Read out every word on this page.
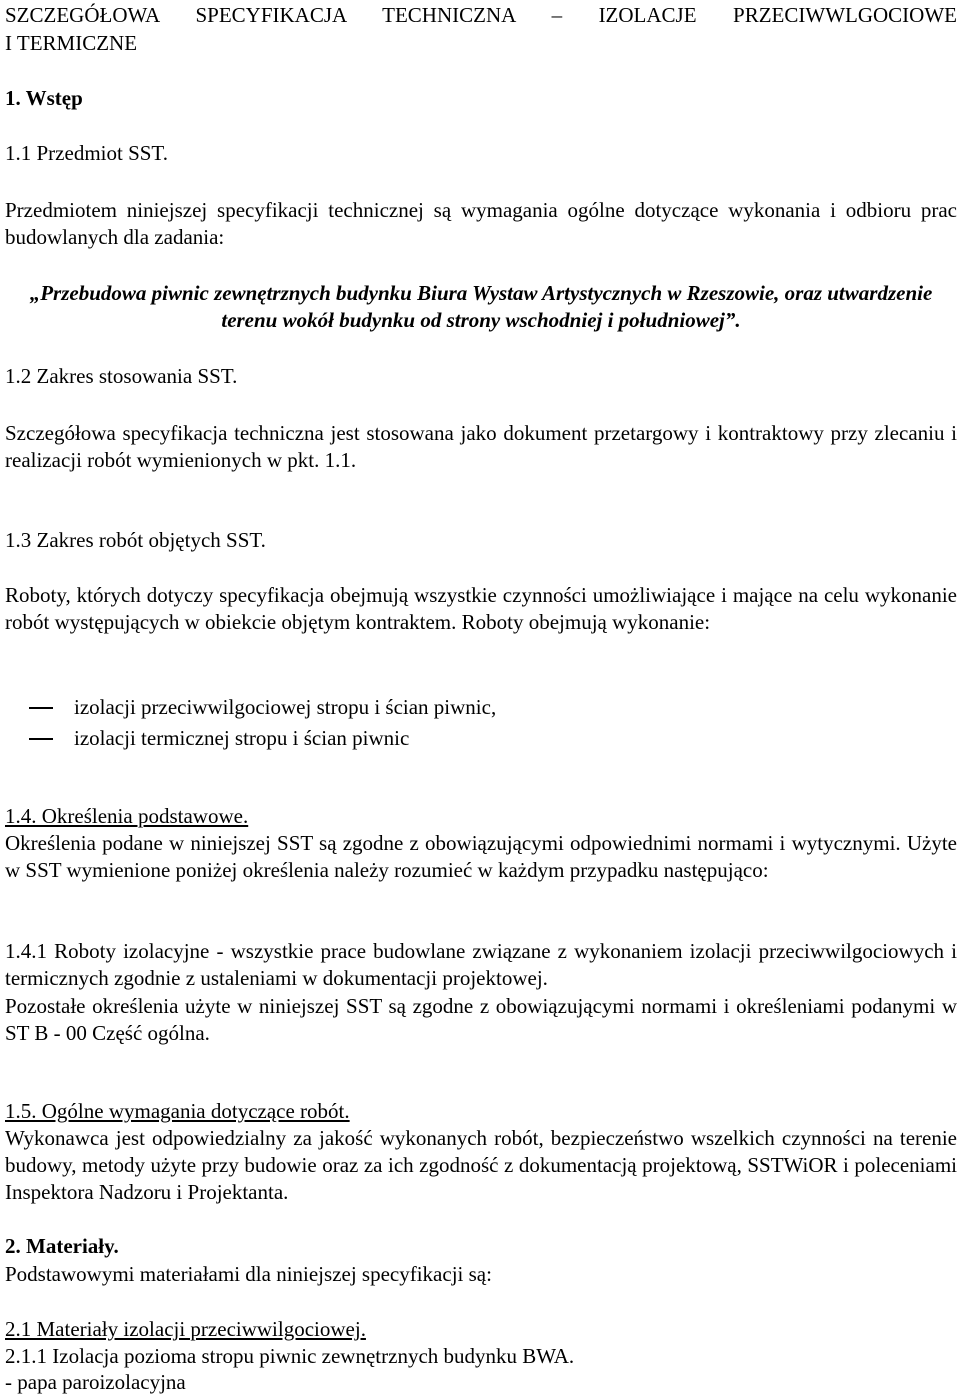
SZCZEGÓŁOWA SPECYFIKACJA TECHNICZNA – IZOLACJE PRZECIWWLGOCIOWE
I TERMICZNE
1. Wstęp
1.1 Przedmiot SST.
Przedmiotem niniejszej specyfikacji technicznej są wymagania ogólne dotyczące wykonania i odbioru prac budowlanych dla zadania:
„Przebudowa piwnic zewnętrznych budynku Biura Wystaw Artystycznych w Rzeszowie, oraz utwardzenie terenu wokół budynku od strony wschodniej i południowej”.
1.2 Zakres stosowania SST.
Szczegółowa specyfikacja techniczna jest stosowana jako dokument przetargowy i kontraktowy przy zlecaniu i realizacji robót wymienionych w pkt. 1.1.
1.3 Zakres robót objętych SST.
Roboty, których dotyczy specyfikacja obejmują wszystkie czynności umożliwiające i mające na celu wykonanie robót występujących w obiekcie objętym kontraktem. Roboty obejmują wykonanie:
izolacji przeciwwilgociowej stropu i ścian piwnic,
izolacji termicznej stropu i ścian piwnic
1.4. Określenia podstawowe.
Określenia podane w niniejszej SST są zgodne z obowiązującymi odpowiednimi normami i wytycznymi. Użyte w SST wymienione poniżej określenia należy rozumieć w każdym przypadku następująco:
1.4.1 Roboty izolacyjne - wszystkie prace budowlane związane z wykonaniem izolacji przeciwwilgociowych i termicznych zgodnie z ustaleniami w dokumentacji projektowej.
Pozostałe określenia użyte w niniejszej SST są zgodne z obowiązującymi normami i określeniami podanymi w ST B - 00 Część ogólna.
1.5. Ogólne wymagania dotyczące robót.
Wykonawca jest odpowiedzialny za jakość wykonanych robót, bezpieczeństwo wszelkich czynności na terenie budowy, metody użyte przy budowie oraz za ich zgodność z dokumentacją projektową, SSTWiOR i poleceniami Inspektora Nadzoru i Projektanta.
2. Materiały.
Podstawowymi materiałami dla niniejszej specyfikacji są:
2.1 Materiały izolacji przeciwwilgociowej.
2.1.1 Izolacja pozioma stropu piwnic zewnętrznych budynku BWA.
- papa paroizolacyjna
